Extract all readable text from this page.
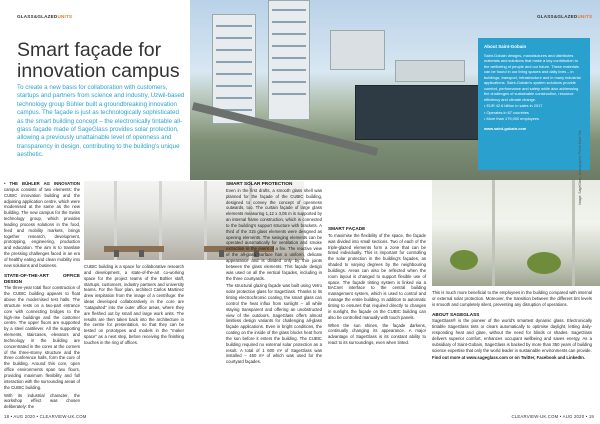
GLASS&GLAZEDUNITS
Smart façade for
innovation campus

To create a new basis for collaboration with customers, startups and partners from science and industry, Uzwil-based technology group Bühler built a groundbreaking innovation campus. The façade is just as technologically sophisticated as the smart building concept – the electronically tintable all-glass façade made of SageGlass provides solar protection, allowing a previously unattainable level of openness and transparency in design, contributing to the building's unique aesthetic.

About Saint-Gobain

Saint-Gobain designs, manufactures and distributes materials and solutions that make a key contribution to the wellbeing of people and our future. These materials can be found in our living spaces and daily lives – in buildings, transport, infrastructure and in many industrial applications. Saint-Gobain's system solutions provide comfort, performance and safety while also addressing the challenges of sustainable construction, resource efficiency and climate change.

• EUR 42.6 billion in sales in 2017
• Operates in 67 countries
• More than 179,000 employees
www.saint-gobain.com
GLASS&GLAZEDUNITS
Image: SageGlass, photographer Pierre Marti Yep
• THE BÜHLER AG INNOVATION campus consists of two elements: the CUBIC innovation building and the adjoining application centre, which were modernised at the same as the new building. The new campus for the Swiss technology group, which provides leading process solutions in the food, feed and mobility markets, brings together research, development, prototyping, engineering, production and education. The aim is to translate the pressing challenges faced in an era of healthy eating and clean mobility into new solutions and business.
STATE-OF-THE-ART OFFICE DESIGN

The three-year total floor construction of the CUBIC building appears to float above the modernised test halls. The structure rests on a two-part entrance core with connecting bridges to the high-rise buildings and the customer centre. The upper floors are supported by a steel cantilever. All the supporting elements, staircases, elevators and technology in the building are concentrated in the cores at the corners of the three-storey structure and the three conference halls, form the core of the building. Around this core, open office environments span two floors, providing maximum flexibility and full interaction with the surrounding areas of the CUBIC building.

With its industrial character, the workshop effect was chosen deliberately: the

CUBIC building is a space for collaborative research and development, a state-of-the-art co-working space for the project teams of the Bühler staff, startups, customers, industry partners and university teams. For the floor plan, architect Carlos Martinez drew inspiration from the image of a centrifuge: the ideas developed collaboratively in the core are "catapulted" into the outer office areas, where they are fleshed out by small and large work units. The results are then taken back into the architecture in the centre for presentation, so that they can be tested on prototypes and models in the "maker space" as a next step, before receiving the finishing touches in the ring of offices.

SMART SOLAR PROTECTION

Even in the first drafts, a smooth glass shell was planned for the façade of the CUBIC building, designed to convey the concept of openness outwards, too. The curtain façade of large glass elements measuring 1,12 x 3,05 m is supported by an internal frame construction, which is connected to the building's support structure with brackets. A third of the 315 glass elements were designed as opening elements. The swinging elements can be operated automatically for ventilation and smoke extraction in the event of a fire. The reactive view of the all-glass surface has a uniform, delicate appearance and is divided only by thin joints between the glass elements. This façade design was used on all the vertical façades, including in the three courtyards.

The structural glazing façade was built using Vetro solar protection glass for SageGlass. Thanks to its tinting electrochromic coating, the smart glass can control the heat influx from sunlight – all while staying transparent and offering an unobstructed view of the outdoors. SageGlass offers almost limitless design variants for challenging all-glass façade applications. Even in bright conditions, the coating on the inside of the glass blocks heat from the sun before it enters the building. The CUBIC building required no external solar protection as a result. A total of 1 600 m² of SageGlass was installed – 450 m² of which was used for the courtyard façades.

SMART FAÇADE

To maximise the flexibility of the space, the façade was divided into small sections. Two of each of the triple-glazed elements form a zone that can be tinted individually. This is important for controlling the solar protection in the building's façades, as shaded to varying degrees by the neighbouring buildings. Areas can also be reflected when the room layout is changed to support flexible use of space. The façade tinting system is linked via a BACnet interface to the central building management system, which is used to control and manage the entire building. In addition to automatic tinting to ensures that required directly to changes in sunlight, the façade on the CUBIC building can also be controlled manually with touch panels.

When the sun shines, the façade darkens, continually changing its appearance. A major advantage of SageGlass is its constant ability to react to its surroundings, even when tinted.

This is much more beneficial to the employees in the building compared with internal or external solar protection. Moreover, the transition between the different tint levels is smooth and completely silent, preventing any disruption of operations.

ABOUT SAGEGLASS

SageGlass® is the pioneer of the world's smartest dynamic glass. Electronically tintable SageGlass tints or clears automatically to optimise daylight, letting daily-responding heat and glare, without the need for blinds or shades. SageGlass delivers superior comfort, enhances occupant wellbeing and saves energy. As a subsidiary of Saint-Gobain, SageGlass is backed by more than 350 years of building science expertise that only the world leader in sustainable environments can provide.

Find out more at www.sageglass.com or on Twitter, Facebook and LinkedIn.

18 • AUG 2020 • CLEARVIEW-UK.COM	CLEARVIEW-UK.COM • AUG 2020 • 19
